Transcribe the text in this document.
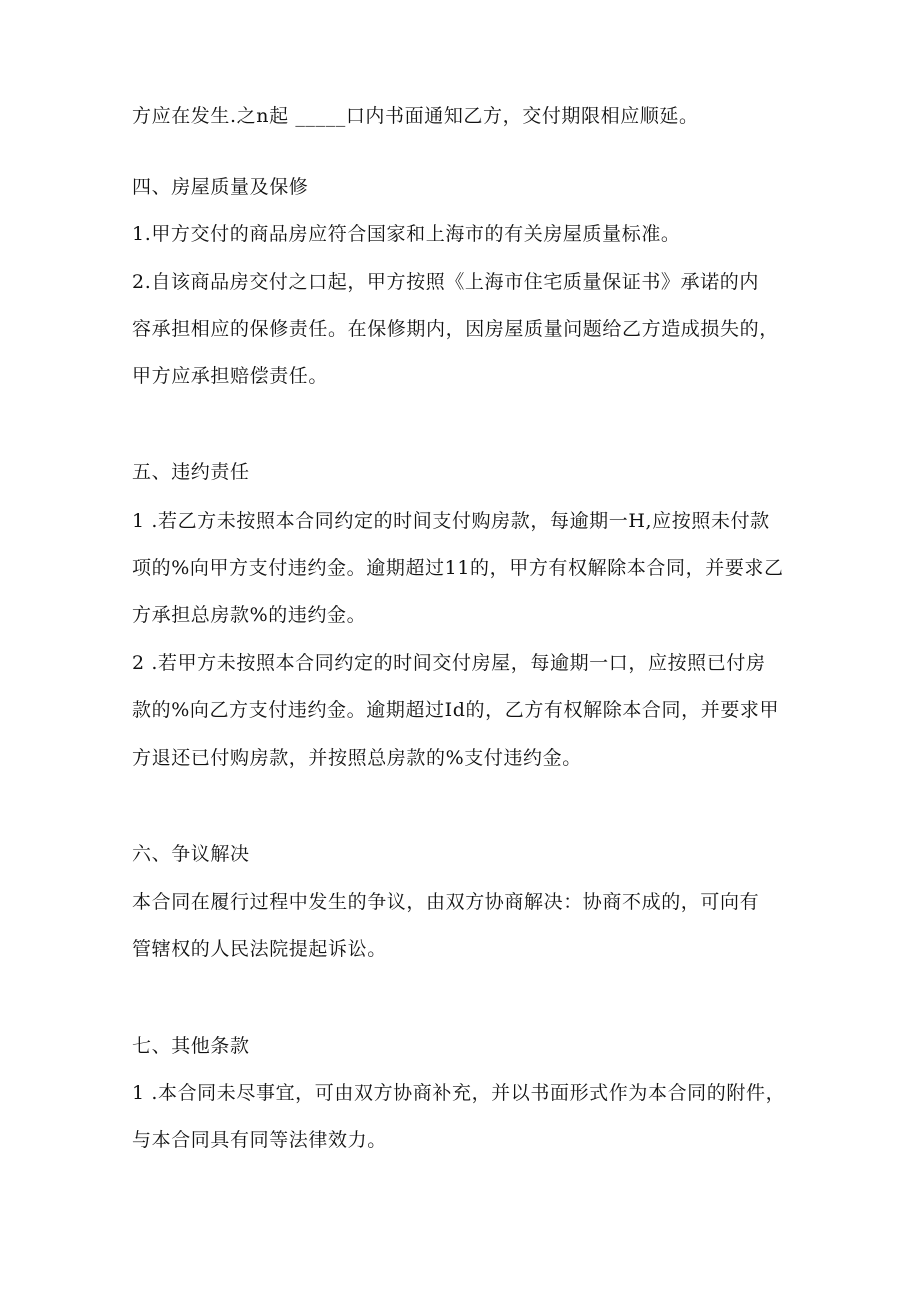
方应在发生.之n起 _____口内书面通知乙方，交付期限相应顺延。
四、房屋质量及保修
1.甲方交付的商品房应符合国家和上海市的有关房屋质量标准。
2.自该商品房交付之口起，甲方按照《上海市住宅质量保证书》承诺的内
容承担相应的保修责任。在保修期内，因房屋质量问题给乙方造成损失的，
甲方应承担赔偿责任。
五、违约责任
1 .若乙方未按照本合同约定的时间支付购房款，每逾期一H,应按照未付款
项的%向甲方支付违约金。逾期超过11的，甲方有权解除本合同，并要求乙
方承担总房款%的违约金。
2 .若甲方未按照本合同约定的时间交付房屋，每逾期一口，应按照已付房
款的%向乙方支付违约金。逾期超过Id的，乙方有权解除本合同，并要求甲
方退还已付购房款，并按照总房款的%支付违约金。
六、争议解决
本合同在履行过程中发生的争议，由双方协商解决：协商不成的，可向有
管辖权的人民法院提起诉讼。
七、其他条款
1 .本合同未尽事宜，可由双方协商补充，并以书面形式作为本合同的附件，
与本合同具有同等法律效力。
